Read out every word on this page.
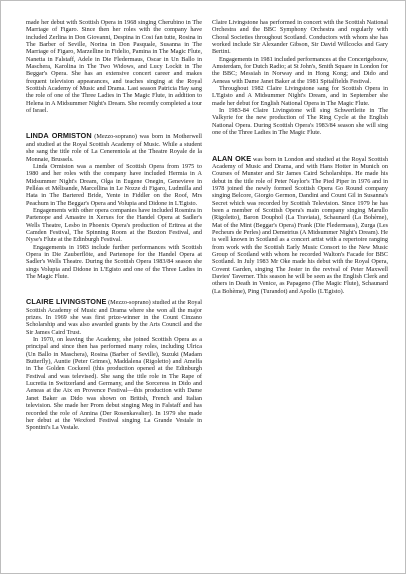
made her debut with Scottish Opera in 1968 singing Cherubino in The Marriage of Figaro. Since then her roles with the company have included Zerlina in Don Giovanni, Despina in Cosi fan tutte, Rosina in The Barber of Seville, Norina in Don Pasquale, Susanna in The Marriage of Figaro, Marzelline in Fidelio, Pamina in The Magic Flute, Nanetta in Falstaff, Adele in Die Fledermaus, Oscar in Un Ballo in Maschera, Karolina in The Two Widows, and Lucy Lockit in The Beggar's Opera. She has an extensive concert career and makes frequent television appearances, and teaches singing at the Royal Scottish Academy of Music and Drama. Last season Patricia Hay sang the role of one of the Three Ladies in The Magic Flute, in addition to Helena in A Midsummer Night's Dream. She recently completed a tour of Israel.

LINDA ORMISTON (Mezzo-soprano) was born in Motherwell and studied at the Royal Scottish Academy of Music. While a student she sang the title role of La Cenerentola at the Theatre Royale de la Monnaie, Brussels.

Linda Ormiston was a member of Scottish Opera from 1975 to 1980 and her roles with the company have included Hermia in A Midsummer Night's Dream, Olga in Eugene Onegin, Genevieve in Pelléas et Mélisande, Marcellina in Le Nozze di Figaro, Ludmilla and Hata in The Bartered Bride, Yente in Fiddler on the Roof, Mrs Peachum in The Beggar's Opera and Volupia and Didone in L'Egisto.

Engagements with other opera companies have included Rosmira in Partenope and Amastre in Xerxes for the Handel Opera at Sadler's Wells Theatre, Lesbo in Phoenix Opera's production of Eritrea at the Camden Festival, The Spinning Room at the Buxton Festival, and Nyse's Flute at the Edinburgh Festival.

Engagements in 1983 include further performances with Scottish Opera in Die Zauberflöte, and Partenope for the Handel Opera at Sadler's Wells Theatre. During the Scottish Opera 1983/84 season she sings Volupia and Didone in L'Egisto and one of the Three Ladies in The Magic Flute.

CLAIRE LIVINGSTONE (Mezzo-soprano) studied at the Royal Scottish Academy of Music and Drama where she won all the major prizes. In 1969 she was first prize-winner in the Count Cinzano Scholarship and was also awarded grants by the Arts Council and the Sir James Caird Trust.

In 1970, on leaving the Academy, she joined Scottish Opera as a principal and since then has performed many roles, including Ulrica (Un Ballo in Maschera), Rosina (Barber of Seville), Suzuki (Madam Butterfly), Auntie (Peter Grimes), Maddalena (Rigoletto) and Amelfa in The Golden Cockerel (this production opened at the Edinburgh Festival and was televised). She sang the title role in The Rape of Lucretia in Switzerland and Germany, and the Sorceress in Dido and Aeneas at the Aix en Provence Festival—this production with Dame Janet Baker as Dido was shown on British, French and Italian television. She made her Prom debut singing Meg in Falstaff and has recorded the role of Annina (Der Rosenkavalier). In 1979 she made her debut at the Wexford Festival singing La Grande Vestale in Spontini's La Vestale.

Claire Livingstone has performed in concert with the Scottish National Orchestra and the BBC Symphony Orchestra and regularly with Choral Societies throughout Scotland. Conductors with whom she has worked include Sir Alexander Gibson, Sir David Willcocks and Gary Bertini.

Engagements in 1981 included performances at the Concertgebouw, Amsterdam, for Dutch Radio; at St John's, Smith Square in London for the BBC; Messiah in Norway and in Hong Kong; and Dido and Aeneas with Dame Janet Baker at the 1981 Spitalfields Festival.

Throughout 1982 Claire Livingstone sang for Scottish Opera in L'Egisto and A Midsummer Night's Dream, and in September she made her debut for English National Opera in The Magic Flute.

In 1983-84 Claire Livingstone will sing Schwertleite in The Valkyrie for the new production of The Ring Cycle at the English National Opera. During Scottish Opera's 1983/84 season she will sing one of the Three Ladies in The Magic Flute.

ALAN OKE was born in London and studied at the Royal Scottish Academy of Music and Drama, and with Hans Hotter in Munich on Courses of Munster and Sir James Caird Scholarships. He made his debut in the title role of Peter Naylor's The Pied Piper in 1976 and in 1978 joined the newly formed Scottish Opera Go Round company singing Belcore, Giorgio Germon, Dandini and Count Gil in Susanna's Secret which was recorded by Scottish Television. Since 1979 he has been a member of Scottish Opera's main company singing Marullo (Rigoletto), Baron Douphol (La Traviata), Schaunard (La Bohème), Mat of the Mint (Beggar's Opera) Frank (Die Fledermaus), Zurga (Les Pecheurs de Perles) and Demetrius (A Midsummer Night's Dream). He is well known in Scotland as a concert artist with a repertoire ranging from work with the Scottish Early Music Consort to the New Music Group of Scotland with whom he recorded Walton's Facade for BBC Scotland. In July 1983 Mr Oke made his debut with the Royal Opera, Covent Garden, singing The Jester in the revival of Peter Maxwell Davies' Taverner. This season he will be seen as the English Clerk and others in Death in Venice, as Papageno (The Magic Flute), Schaunard (La Bohème), Ping (Turandot) and Apollo (L'Egisto).
